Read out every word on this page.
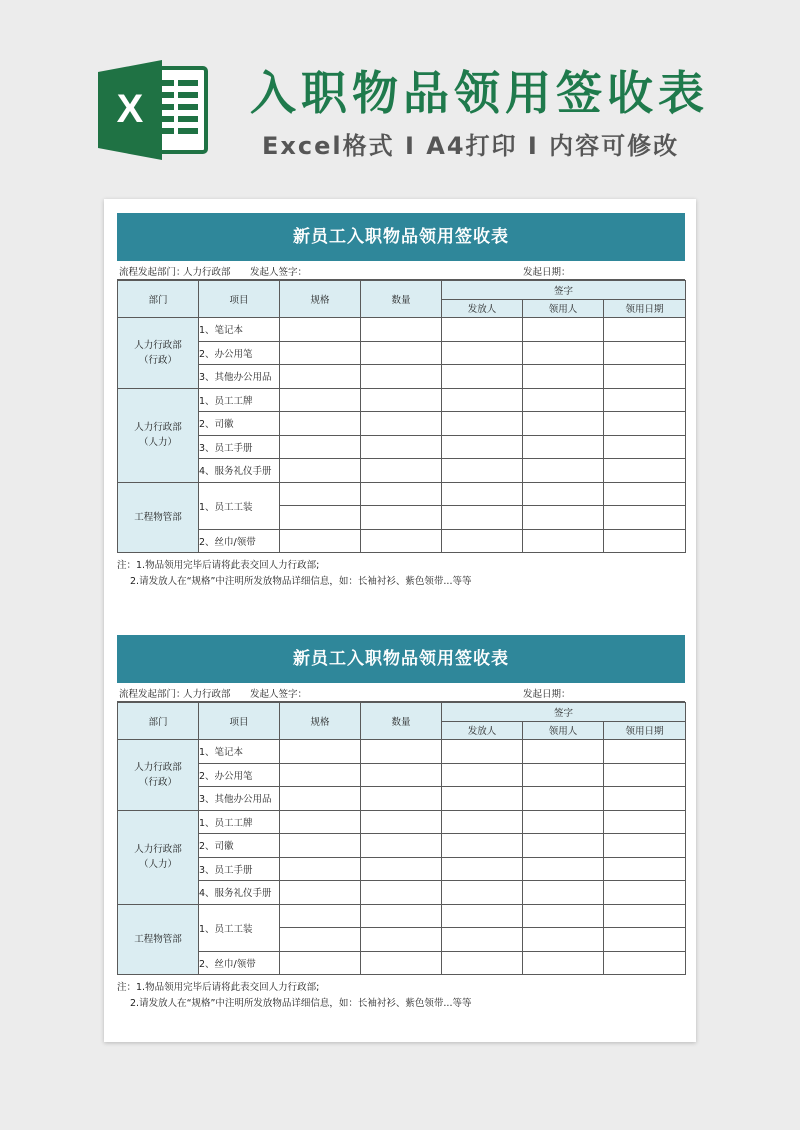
X 入职物品领用签收表
Excel格式 I A4打印 I 内容可修改
新员工入职物品领用签收表
流程发起部门：
人力行政部 发起人签字：	发起日期：
部门	项目	规格	数量	签字		
				发放人	领用人	领用日期
人力行政部　　（行政）	1、笔记本					
	2、办公用笔					
	3、其他办公用品					
人力行政部　　（人力）	1、员工工牌					
	2、司徽					
	3、员工手册					
	4、服务礼仪手册					
工程物管部	1、员工工装					

	2、丝巾/领带					
注：1.物品领用完毕后请将此表交回人力行政部;
2.请发放人在“规格”中注明所发放物品详细信息，如：长袖衬衫、紫色领带...等等
新员工入职物品领用签收表
流程发起部门：
人力行政部 发起人签字：	发起日期：
部门	项目	规格	数量	签字		
				发放人	领用人	领用日期
人力行政部　　（行政）	1、笔记本					
	2、办公用笔					
	3、其他办公用品					
人力行政部　　（人力）	1、员工工牌					
	2、司徽					
	3、员工手册					
	4、服务礼仪手册					
工程物管部	1、员工工装					

	2、丝巾/领带					
注：1.物品领用完毕后请将此表交回人力行政部;
2.请发放人在“规格”中注明所发放物品详细信息，如：长袖衬衫、紫色领带...等等
